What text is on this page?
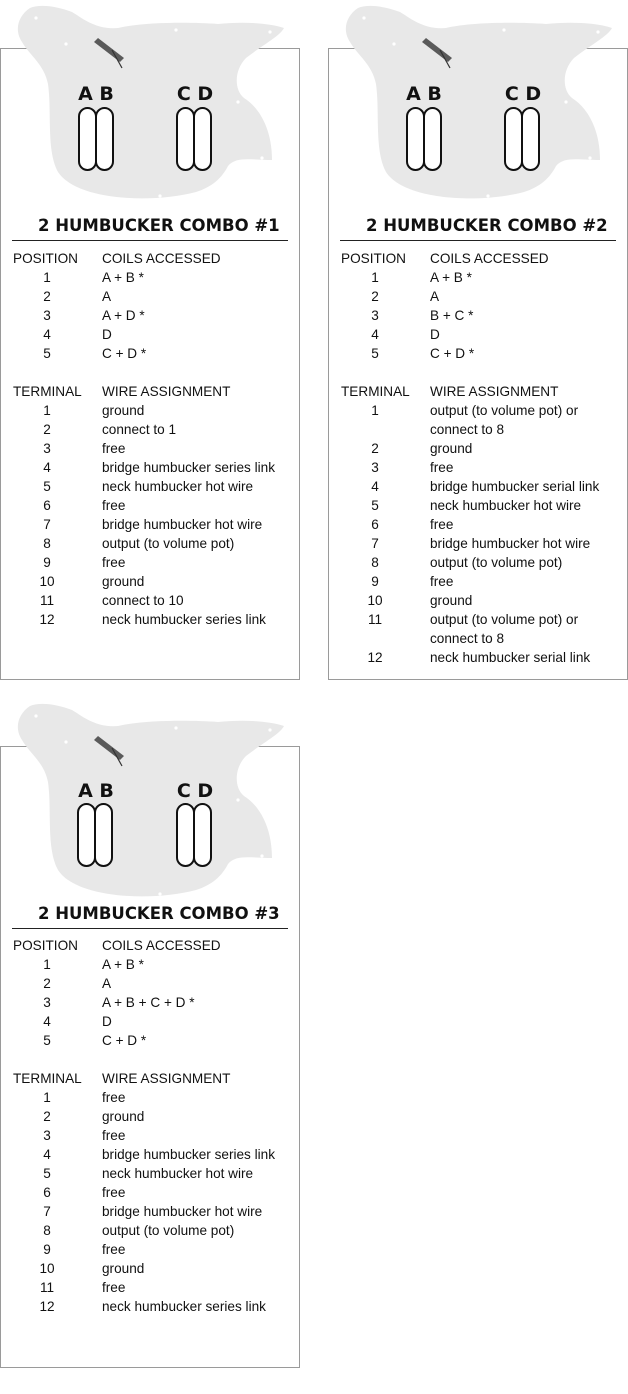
A B	C D
2 HUMBUCKER COMBO #1
POSITION	COILS ACCESSED
1	A + B *
2	A
3	A + D *
4	D
5	C + D *
TERMINAL	WIRE ASSIGNMENT
1	ground
2	connect to 1
3	free
4	bridge humbucker series link
5	neck humbucker hot wire
6	free
7	bridge humbucker hot wire
8	output (to volume pot)
9	free
10	ground
11	connect to 10
12	neck humbucker series link
A B	C D
2 HUMBUCKER COMBO #2
POSITION	COILS ACCESSED
1	A + B *
2	A
3	B + C *
4	D
5	C + D *
TERMINAL	WIRE ASSIGNMENT
1	output (to volume pot) or
connect to 8
2	ground
3	free
4	bridge humbucker serial link
5	neck humbucker hot wire
6	free
7	bridge humbucker hot wire
8	output (to volume pot)
9	free
10	ground
11	output (to volume pot) or
connect to 8
12	neck humbucker serial link
A B	C D
2 HUMBUCKER COMBO #3
POSITION	COILS ACCESSED
1	A + B *
2	A
3	A + B + C + D *
4	D
5	C + D *
TERMINAL	WIRE ASSIGNMENT
1	free
2	ground
3	free
4	bridge humbucker series link
5	neck humbucker hot wire
6	free
7	bridge humbucker hot wire
8	output (to volume pot)
9	free
10	ground
11	free
12	neck humbucker series link
